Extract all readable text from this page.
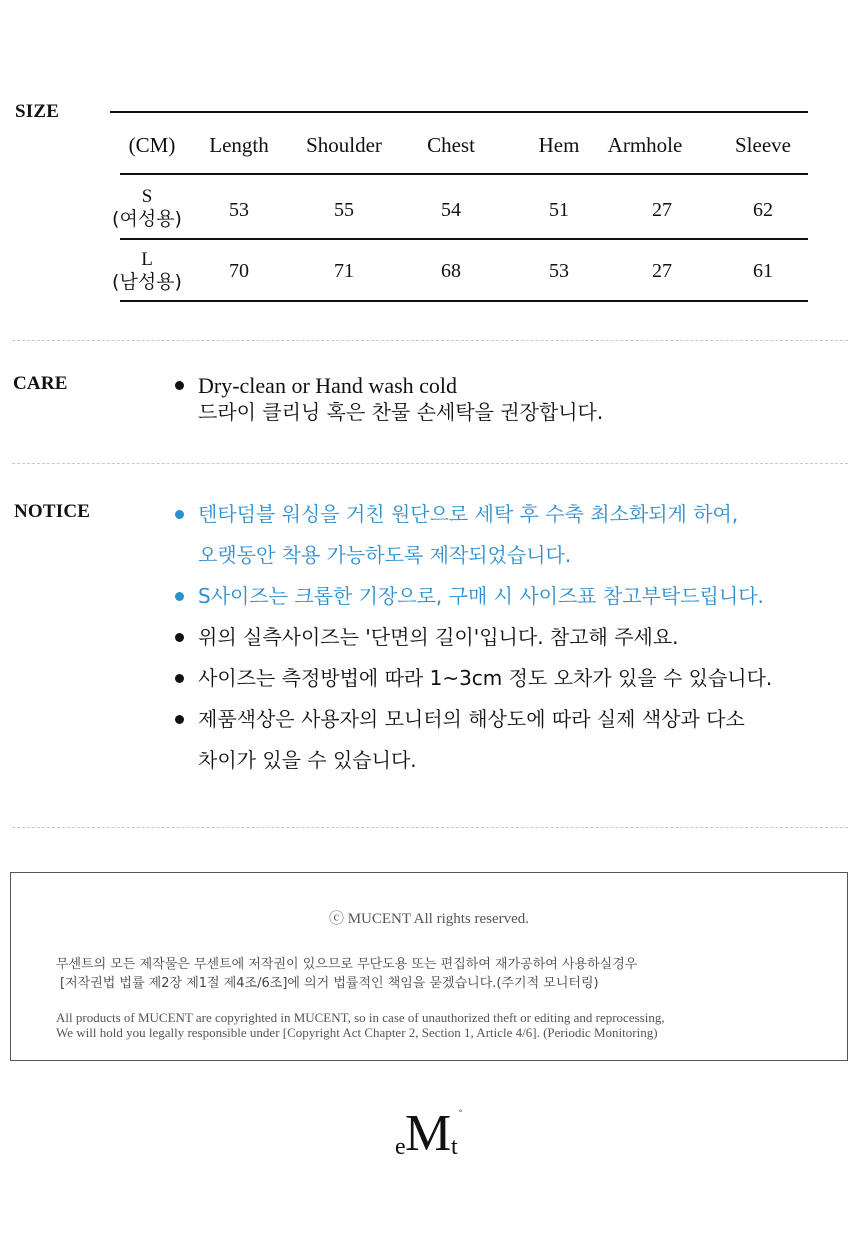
SIZE
(CM)	Length	Shoulder	Chest	Hem	Armhole	Sleeve
S
(여성용)	53	55	54	51	27	62
L
(남성용)	70	71	68	53	27	61
CARE	Dry-clean or Hand wash cold
드라이 클리닝 혹은 찬물 손세탁을 권장합니다.
NOTICE	텐타덤블 워싱을 거친 원단으로 세탁 후 수축 최소화되게 하여,
오랫동안 착용 가능하도록 제작되었습니다.
S사이즈는 크롭한 기장으로, 구매 시 사이즈표 참고부탁드립니다.
위의 실측사이즈는 '단면의 길이'입니다. 참고해 주세요.
사이즈는 측정방법에 따라 1~3cm 정도 오차가 있을 수 있습니다.
제품색상은 사용자의 모니터의 해상도에 따라 실제 색상과 다소
차이가 있을 수 있습니다.
ⓒ MUCENT All rights reserved.
무센트의 모든 제작물은 무센트에 저작권이 있으므로 무단도용 또는 편집하여 재가공하여 사용하실경우
[저작권법 법률 제2장 제1절 제4조/6조]에 의거 법률적인 책임을 묻겠습니다.(주기적 모니터링)
All products of MUCENT are copyrighted in MUCENT, so in case of unauthorized theft or editing and reprocessing,
We will hold you legally responsible under [Copyright Act Chapter 2, Section 1, Article 4/6]. (Periodic Monitoring)
M
e t
°
